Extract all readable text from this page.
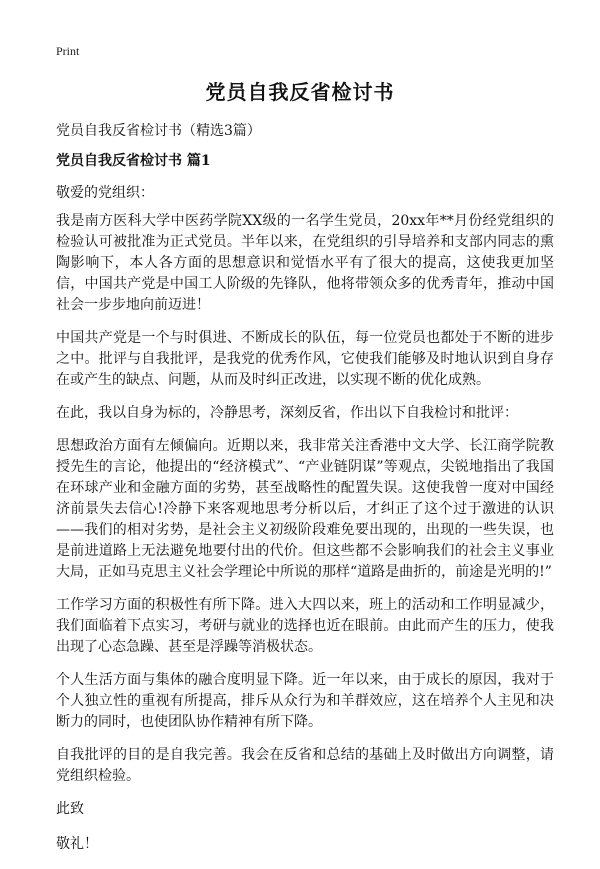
Print
党员自我反省检讨书

党员自我反省检讨书（精选3篇）

党员自我反省检讨书 篇1

敬爱的党组织：

我是南方医科大学中医药学院XX级的一名学生党员，20xx年**月份经党组织的检验认可被批准为正式党员。半年以来，在党组织的引导培养和支部内同志的熏陶影响下，本人各方面的思想意识和觉悟水平有了很大的提高，这使我更加坚信，中国共产党是中国工人阶级的先锋队，他将带领众多的优秀青年，推动中国社会一步步地向前迈进！

中国共产党是一个与时俱进、不断成长的队伍，每一位党员也都处于不断的进步之中。批评与自我批评，是我党的优秀作风，它使我们能够及时地认识到自身存在或产生的缺点、问题，从而及时纠正改进，以实现不断的优化成熟。

在此，我以自身为标的，冷静思考，深刻反省，作出以下自我检讨和批评：

思想政治方面有左倾偏向。近期以来，我非常关注香港中文大学、长江商学院教授先生的言论，他提出的“经济模式”、“产业链阴谋”等观点，尖锐地指出了我国在环球产业和金融方面的劣势，甚至战略性的配置失误。这使我曾一度对中国经济前景失去信心!冷静下来客观地思考分析以后，才纠正了这个过于激进的认识——我们的相对劣势，是社会主义初级阶段难免要出现的，出现的一些失误，也是前进道路上无法避免地要付出的代价。但这些都不会影响我们的社会主义事业大局，正如马克思主义社会学理论中所说的那样“道路是曲折的，前途是光明的!”

工作学习方面的积极性有所下降。进入大四以来，班上的活动和工作明显减少，我们面临着下点实习，考研与就业的选择也近在眼前。由此而产生的压力，使我出现了心态急躁、甚至是浮躁等消极状态。

个人生活方面与集体的融合度明显下降。近一年以来，由于成长的原因，我对于个人独立性的重视有所提高，排斥从众行为和羊群效应，这在培养个人主见和决断力的同时，也使团队协作精神有所下降。

自我批评的目的是自我完善。我会在反省和总结的基础上及时做出方向调整，请党组织检验。

此致

敬礼！
